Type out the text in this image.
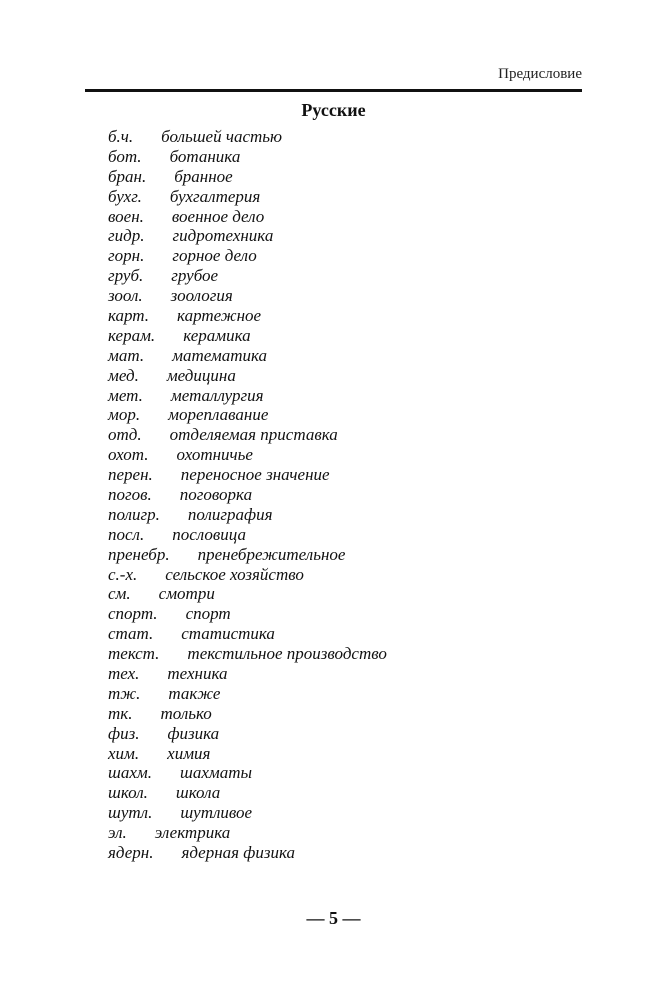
Предисловие
Русские
б.ч. большей частью
бот. ботаника
бран. бранное
бухг. бухгалтерия
воен. военное дело
гидр. гидротехника
горн. горное дело
груб. грубое
зоол. зоология
карт. картежное
керам. керамика
мат. математика
мед. медицина
мет. металлургия
мор. мореплавание
отд. отделяемая приставка
охот. охотничье
перен. переносное значение
погов. поговорка
полигр. полиграфия
посл. пословица
пренебр. пренебрежительное
с.-х. сельское хозяйство
см. смотри
спорт. спорт
стат. статистика
текст. текстильное производство
тех. техника
тж. также
тк. только
физ. физика
хим. химия
шахм. шахматы
школ. школа
шутл. шутливое
эл. электрика
ядерн. ядерная физика
— 5 —
